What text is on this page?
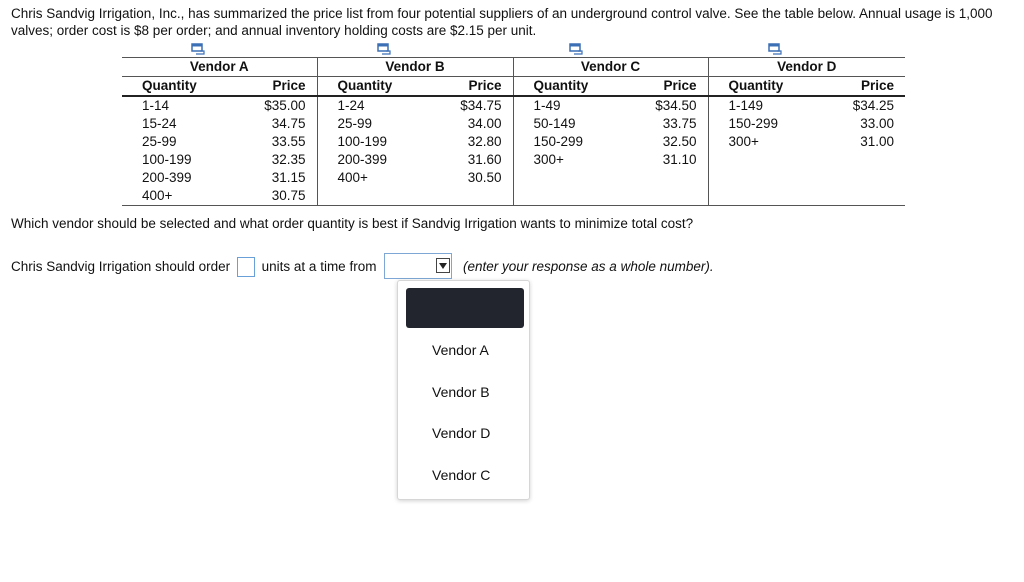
Chris Sandvig Irrigation, Inc., has summarized the price list from four potential suppliers of an underground control valve. See the table below. Annual usage is 1,000 valves; order cost is $8 per order; and annual inventory holding costs are $2.15 per unit.

Vendor A		Vendor B		Vendor C		Vendor D	
Quantity	Price	Quantity	Price	Quantity	Price	Quantity	Price
1-14	$35.00	1-24	$34.75	1-49	$34.50	1-149	$34.25
15-24	34.75	25-99	34.00	50-149	33.75	150-299	33.00
25-99	33.55	100-199	32.80	150-299	32.50	300+	31.00
100-199	32.35	200-399	31.60	300+	31.10		
200-399	31.15	400+	30.50				
400+	30.75						

Which vendor should be selected and what order quantity is best if Sandvig Irrigation wants to minimize total cost?

Chris Sandvig Irrigation should order units at a time from	(enter your response as a whole number).
Vendor A
Vendor B
Vendor D
Vendor C
